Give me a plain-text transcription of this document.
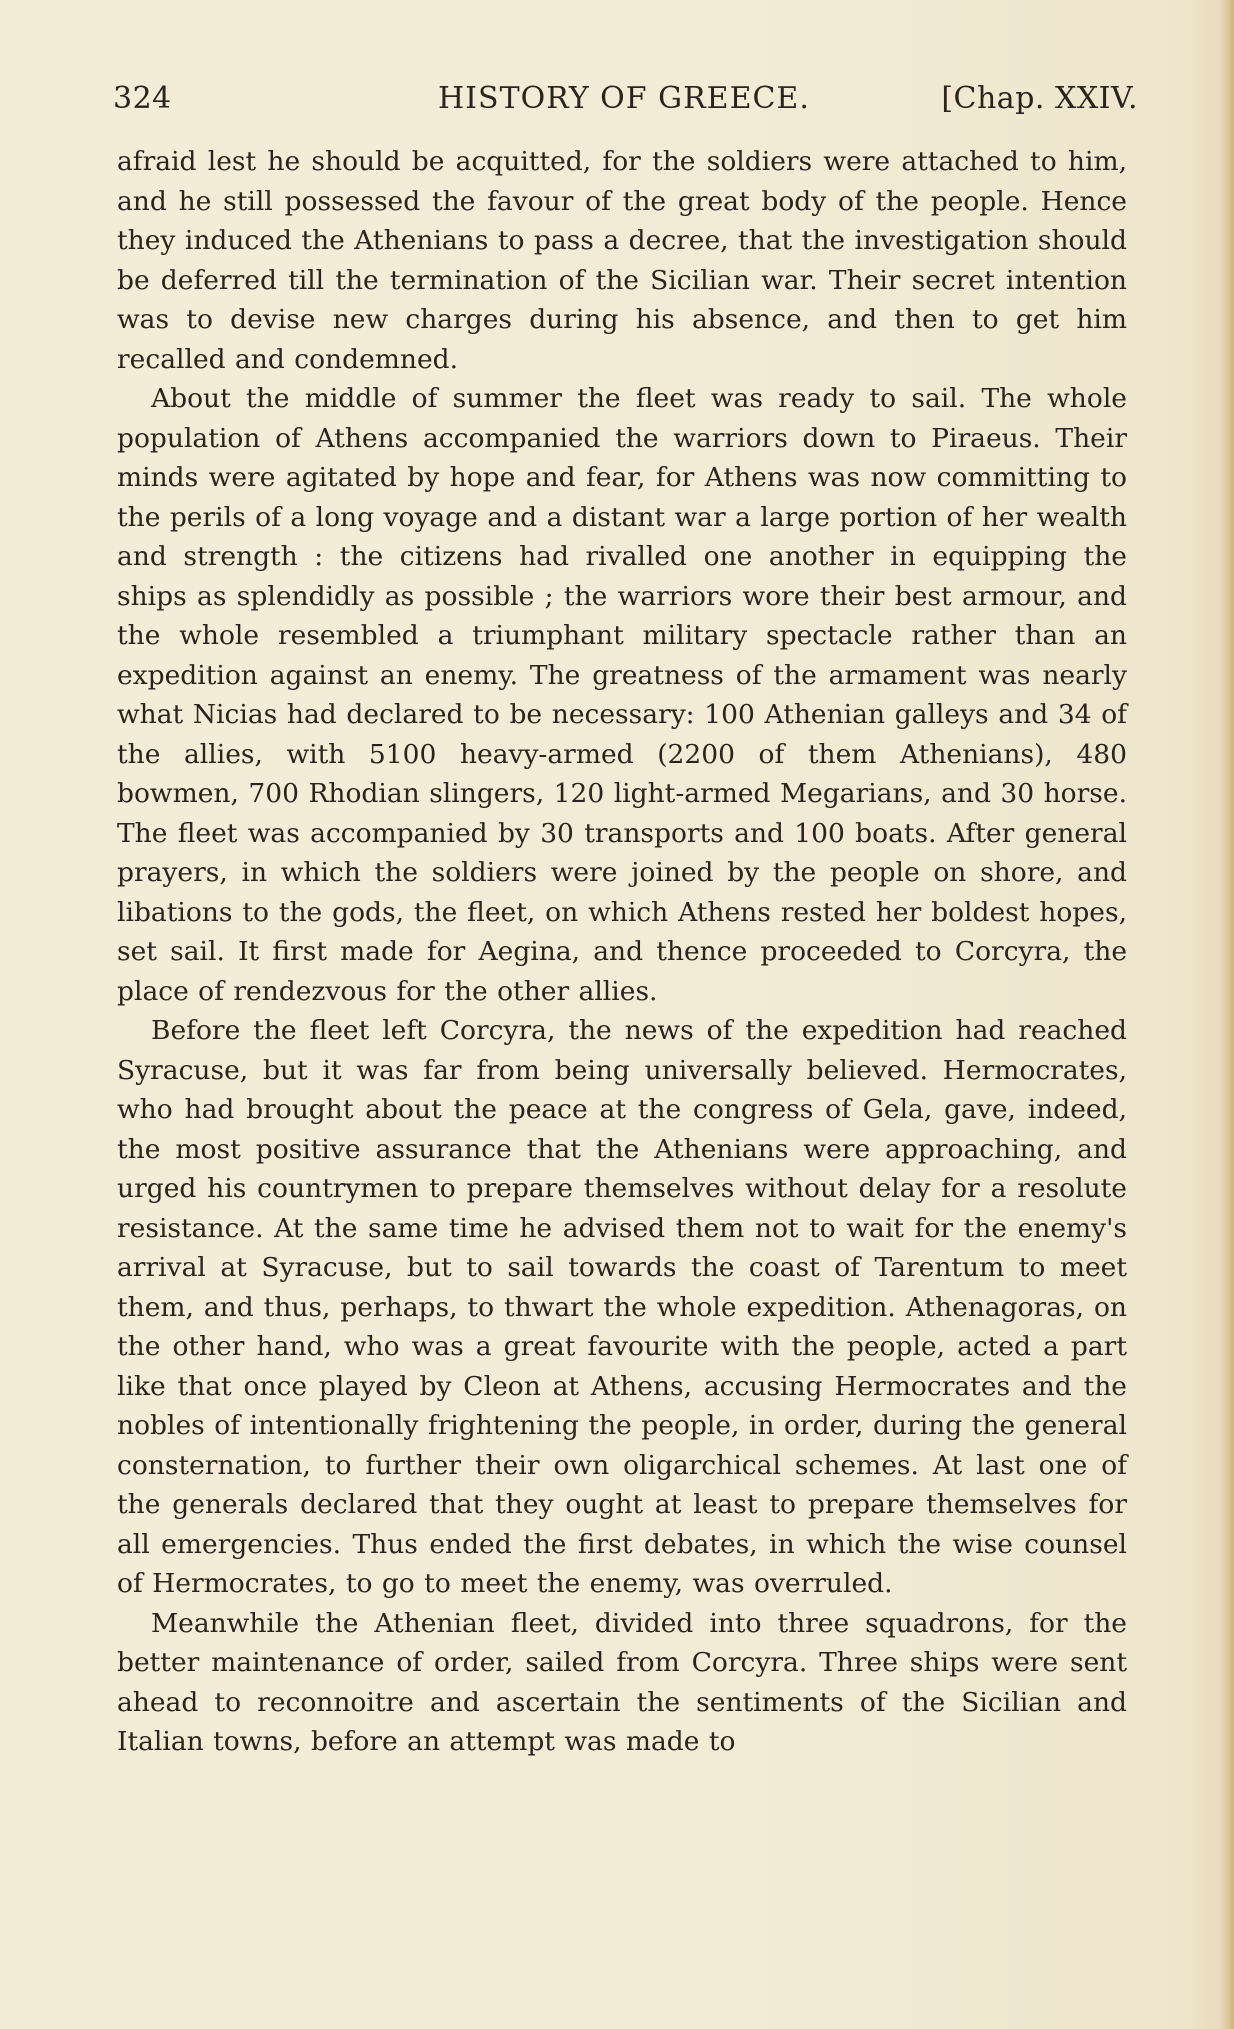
324	HISTORY OF GREECE.	[Chap. XXIV.

afraid lest he should be acquitted, for the soldiers were attached to him, and he still possessed the favour of the great body of the people. Hence they induced the Athenians to pass a decree, that the investigation should be deferred till the termination of the Sicilian war. Their secret intention was to devise new charges during his absence, and then to get him recalled and condemned.

About the middle of summer the fleet was ready to sail. The whole population of Athens accompanied the warriors down to Piraeus. Their minds were agitated by hope and fear, for Athens was now committing to the perils of a long voyage and a distant war a large portion of her wealth and strength : the citizens had rivalled one another in equipping the ships as splendidly as possible ; the warriors wore their best armour, and the whole resembled a triumphant military spectacle rather than an expedition against an enemy. The greatness of the armament was nearly what Nicias had declared to be necessary: 100 Athenian galleys and 34 of the allies, with 5100 heavy-armed (2200 of them Athenians), 480 bowmen, 700 Rhodian slingers, 120 light-armed Megarians, and 30 horse. The fleet was accompanied by 30 transports and 100 boats. After general prayers, in which the soldiers were joined by the people on shore, and libations to the gods, the fleet, on which Athens rested her boldest hopes, set sail. It first made for Aegina, and thence proceeded to Corcyra, the place of rendezvous for the other allies.

Before the fleet left Corcyra, the news of the expedition had reached Syracuse, but it was far from being universally believed. Hermocrates, who had brought about the peace at the congress of Gela, gave, indeed, the most positive assurance that the Athenians were approaching, and urged his countrymen to prepare themselves without delay for a resolute resistance. At the same time he advised them not to wait for the enemy's arrival at Syracuse, but to sail towards the coast of Tarentum to meet them, and thus, perhaps, to thwart the whole expedition. Athenagoras, on the other hand, who was a great favourite with the people, acted a part like that once played by Cleon at Athens, accusing Hermocrates and the nobles of intentionally frightening the people, in order, during the general consternation, to further their own oligarchical schemes. At last one of the generals declared that they ought at least to prepare themselves for all emergencies. Thus ended the first debates, in which the wise counsel of Hermocrates, to go to meet the enemy, was overruled.

Meanwhile the Athenian fleet, divided into three squadrons, for the better maintenance of order, sailed from Corcyra. Three ships were sent ahead to reconnoitre and ascertain the sentiments of the Sicilian and Italian towns, before an attempt was made to
